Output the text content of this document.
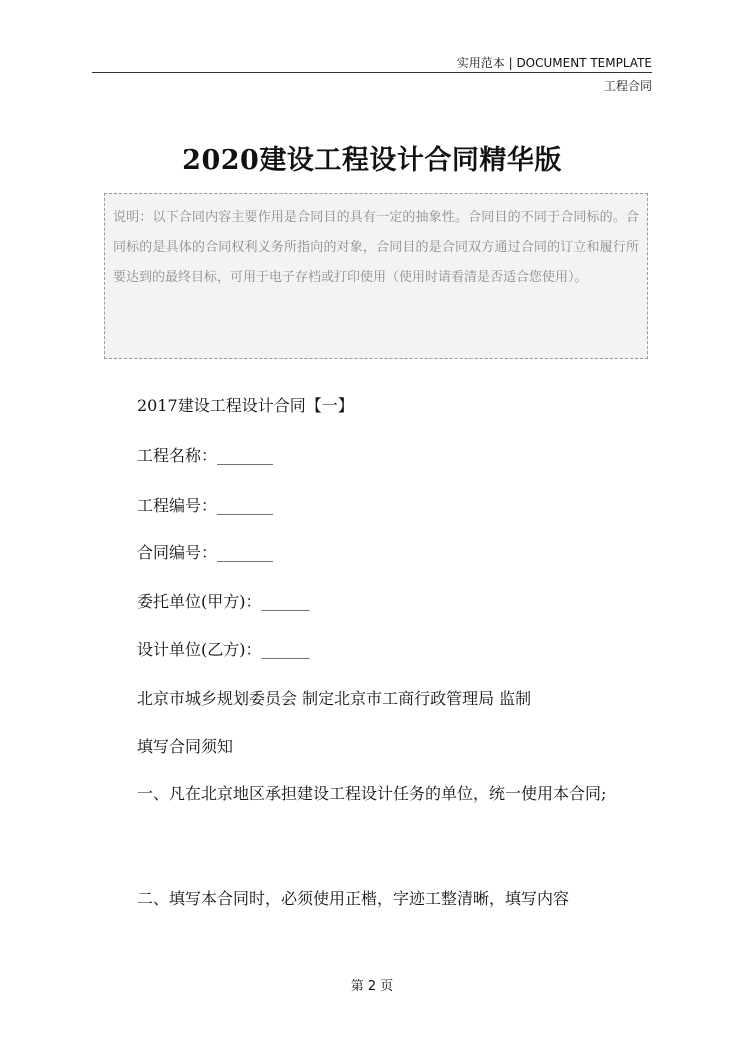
实用范本 | DOCUMENT TEMPLATE
工程合同
2020建设工程设计合同精华版
说明：以下合同内容主要作用是合同目的具有一定的抽象性。合同目的不同于合同标的。合同标的是具体的合同权利义务所指向的对象，合同目的是合同双方通过合同的订立和履行所要达到的最终目标，可用于电子存档或打印使用（使用时请看清是否适合您使用）。
2017建设工程设计合同【一】
工程名称：_______
工程编号：_______
合同编号：_______
委托单位(甲方)：______
设计单位(乙方)：______
北京市城乡规划委员会 制定北京市工商行政管理局 监制
填写合同须知
一、凡在北京地区承担建设工程设计任务的单位，统一使用本合同;
二、填写本合同时，必须使用正楷，字迹工整清晰，填写内容
第 2 页
